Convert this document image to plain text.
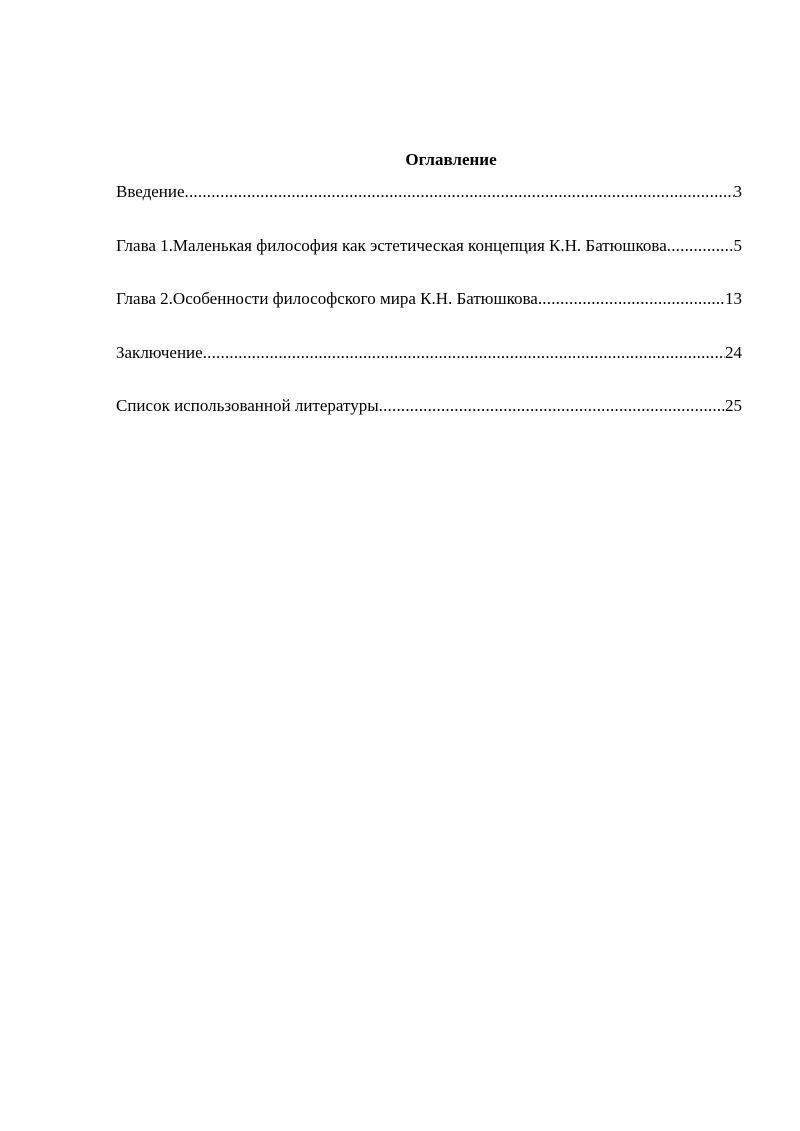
Оглавление
Введение .....	3
Глава 1.Маленькая философия как эстетическая концепция К.Н. Батюшкова .....	5
Глава 2.Особенности философского мира К.Н. Батюшкова .....	13
Заключение .....	24
Список использованной литературы .....	25
